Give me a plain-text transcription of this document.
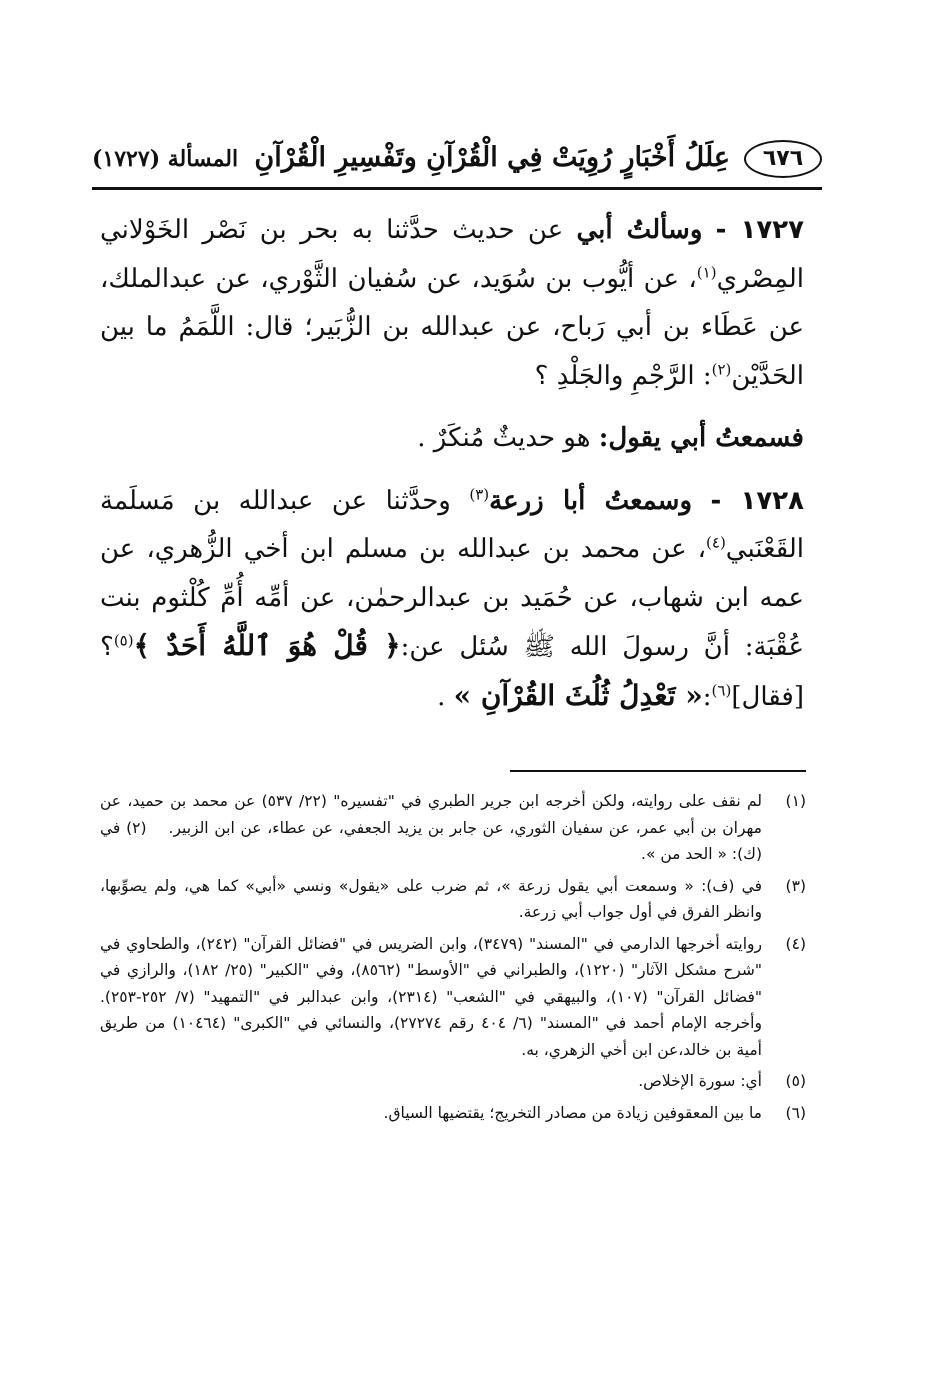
٦٧٦
عِلَلُ أَخْبَارٍ رُوِيَتْ فِي الْقُرْآنِ وتَفْسِيرِ الْقُرْآنِ
المسألة (١٧٢٧)

١٧٢٧ - وسألتُ أبي عن حديث حدَّثنا به بحر بن نَصْر الخَوْلاني المِصْري$^{(١)}$، عن أيُّوب بن سُوَيد، عن سُفيان الثَّوْري، عن عبدالملك، عن عَطَاء بن أبي رَباح، عن عبدالله بن الزُّبَير؛ قال: اللَّمَمُ ما بين الحَدَّيْن$^{(٢)}$: الرَّجْمِ والجَلْدِ ؟

فسمعتُ أبي يقول: هو حديثٌ مُنكَرٌ .

١٧٢٨ - وسمعتُ أبا زرعة$^{(٣)}$ وحدَّثنا عن عبدالله بن مَسلَمة القَعْنَبي$^{(٤)}$، عن محمد بن عبدالله بن مسلم ابن أخي الزُّهري، عن عمه ابن شهاب، عن حُمَيد بن عبدالرحمٰن، عن أمِّه أُمِّ كُلْثوم بنت عُقْبَة: أنَّ رسولَ الله ﷺ سُئل عن:﴿ قُلْ هُوَ ٱللَّهُ أَحَدٌ ﴾$^{(٥)}$؟ [فقال]$^{(٦)}$:« تَعْدِلُ ثُلُثَ القُرْآنِ » .

(١)
لم نقف على روايته، ولكن أخرجه ابن جرير الطبري في "تفسيره" (٢٢/ ٥٣٧) عن محمد بن حميد، عن مهران بن أبي عمر، عن سفيان الثوري، عن جابر بن يزيد الجعفي، عن عطاء، عن ابن الزبير.(٢) في (ك): « الحد من ».
(٣)
في (ف): « وسمعت أبي يقول زرعة »، ثم ضرب على «يقول» ونسي «أبي» كما هي، ولم يصوِّبها، وانظر الفرق في أول جواب أبي زرعة.
(٤)
روايته أخرجها الدارمي في "المسند" (٣٤٧٩)، وابن الضريس في "فضائل القرآن" (٢٤٢)، والطحاوي في "شرح مشكل الآثار" (١٢٢٠)، والطبراني في "الأوسط" (٨٥٦٢)، وفي "الكبير" (٢٥/ ١٨٢)، والرازي في "فضائل القرآن" (١٠٧)، والبيهقي في "الشعب" (٢٣١٤)، وابن عبدالبر في "التمهيد" (٧/ ٢٥٢-٢٥٣). وأخرجه الإمام أحمد في "المسند" (٦/ ٤٠٤ رقم ٢٧٢٧٤)، والنسائي في "الكبرى" (١٠٤٦٤) من طريق أمية بن خالد،عن ابن أخي الزهري، به.
(٥)
أي: سورة الإخلاص.
(٦)
ما بين المعقوفين زيادة من مصادر التخريج؛ يقتضيها السياق.
